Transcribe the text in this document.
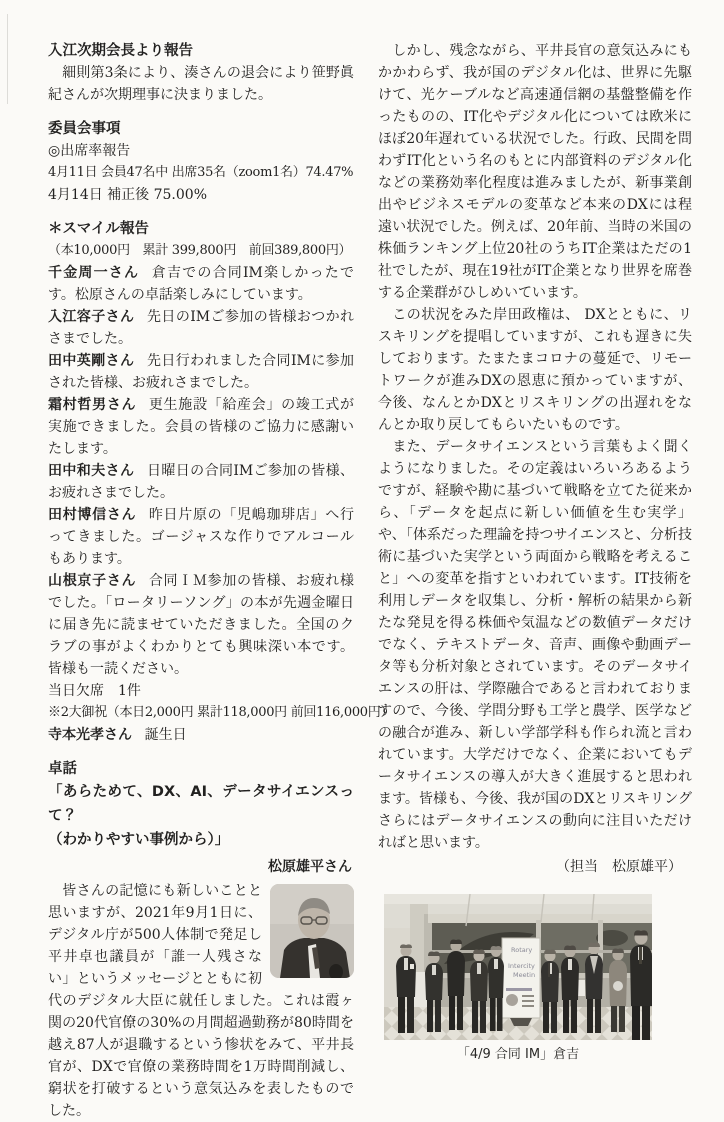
入江次期会長より報告

　細則第3条により、湊さんの退会により笹野眞紀さんが次期理事に決まりました。

委員会事項

◎出席率報告

4月11日 会員47名中 出席35名（zoom1名）74.47%

4月14日 補正後 75.00%

＊スマイル報告

（本10,000円　累計 399,800円　前回389,800円）

千金周一さん 倉吉での合同IM楽しかったです。松原さんの卓話楽しみにしています。

入江容子さん 先日のIMご参加の皆様おつかれさまでした。

田中英剛さん 先日行われました合同IMに参加された皆様、お疲れさまでした。

霜村哲男さん 更生施設「給産会」の竣工式が実施できました。会員の皆様のご協力に感謝いたします。

田中和夫さん 日曜日の合同IMご参加の皆様、お疲れさまでした。

田村博信さん 昨日片原の「児嶋珈琲店」へ行ってきました。ゴージャスな作りでアルコールもあります。

山根京子さん 合同ＩＭ参加の皆様、お疲れ様でした。「ロータリーソング」の本が先週金曜日に届き先に読ませていただきました。全国のクラブの事がよくわかりとても興味深い本です。皆様も一読ください。

当日欠席　1件

※2大御祝（本日2,000円 累計118,000円 前回116,000円）

寺本光孝さん 誕生日

卓話

「あらためて、DX、AI、データサイエンスって？

（わかりやすい事例から）」

松原雄平さん

　皆さんの記憶にも新しいことと思いますが、2021年9月1日に、デジタル庁が500人体制で発足し平井卓也議員が「誰一人残さない」というメッセージとともに初代のデジタル大臣に就任しました。これは霞ヶ関の20代官僚の30%の月間超過勤務が80時間を越え87人が退職するという惨状をみて、平井長官が、DXで官僚の業務時間を1万時間削減し、窮状を打破するという意気込みを表したものでした。

　しかし、残念ながら、平井長官の意気込みにもかかわらず、我が国のデジタル化は、世界に先駆けて、光ケーブルなど高速通信網の基盤整備を作ったものの、IT化やデジタル化については欧米にほぼ20年遅れている状況でした。行政、民間を問わずIT化という名のもとに内部資料のデジタル化などの業務効率化程度は進みましたが、新事業創出やビジネスモデルの変革など本来のDXには程遠い状況でした。例えば、20年前、当時の米国の株価ランキング上位20社のうちIT企業はただの1社でしたが、現在19社がIT企業となり世界を席巻する企業群がひしめいています。

　この状況をみた岸田政権は、 DXとともに、リスキリングを提唱していますが、これも遅きに失しております。たまたまコロナの蔓延で、リモートワークが進みDXの恩恵に預かっていますが、今後、なんとかDXとリスキリングの出遅れをなんとか取り戻してもらいたいものです。

　また、データサイエンスという言葉もよく聞くようになりました。その定義はいろいろあるようですが、経験や勘に基づいて戦略を立てた従来から、「データを起点に新しい価値を生む実学」や、「体系だった理論を持つサイエンスと、分析技術に基づいた実学という両面から戦略を考えること」への変革を指すといわれています。IT技術を利用しデータを収集し、分析・解析の結果から新たな発見を得る株価や気温などの数値データだけでなく、テキストデータ、音声、画像や動画データ等も分析対象とされています。そのデータサイエンスの肝は、学際融合であると言われておりますので、今後、学問分野も工学と農学、医学などの融合が進み、新しい学部学科も作られ流と言われています。大学だけでなく、企業においてもデータサイエンスの導入が大きく進展すると思われます。皆様も、今後、我が国のDXとリスキリングさらにはデータサイエンスの動向に注目いただければと思います。

（担当　松原雄平）

Rotary
Intercity
Meetin

「4/9 合同 IM」倉吉
